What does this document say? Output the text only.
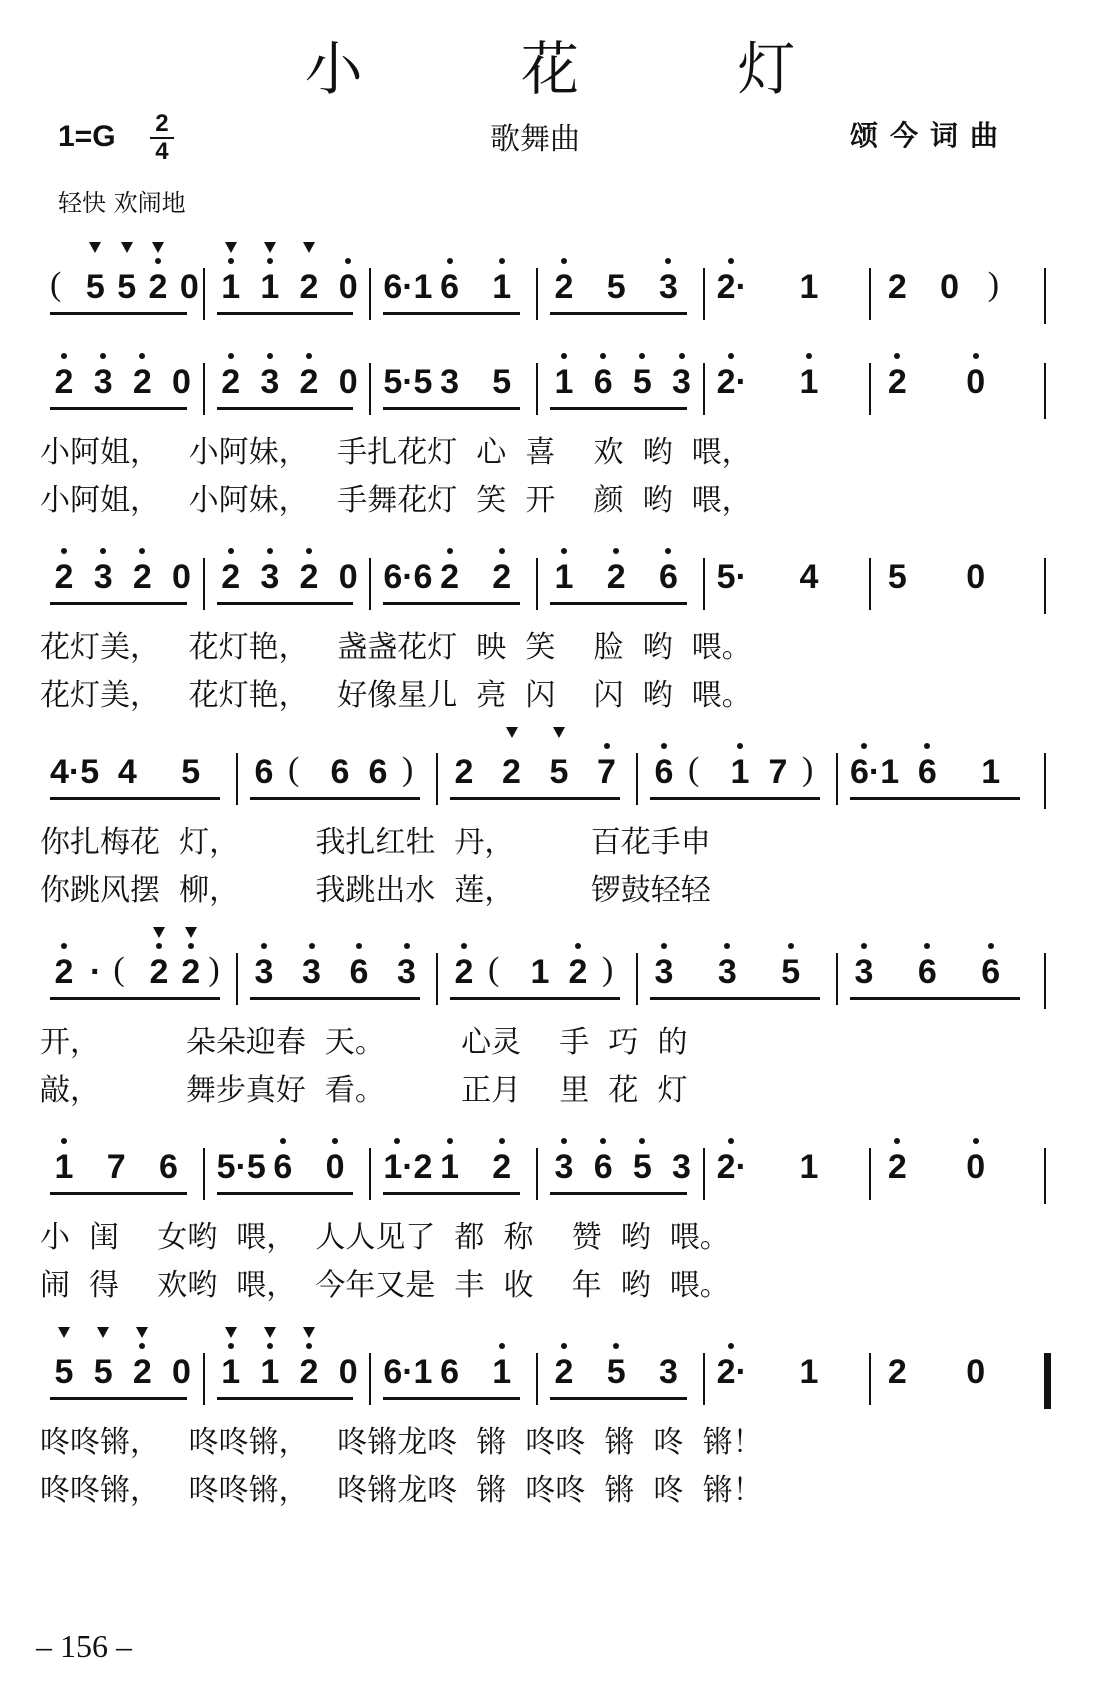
小 花 灯
$1=G \frac{2}{4}$	歌舞曲	颂今词曲
轻快 欢闹地
( 5 5 2 0 1 1 2 0 6·1 6 1 2 5 3 2· 1 2 0 )
2 3 2 0 2 3 2 0 5·5 3 5 1 6 5 3 2· 1 2 0
2 3 2 0 2 3 2 0 6·6 2 2 1 2 6 5· 4 5 0
4·5 4 5 6 ( 6 6 ) 2 2 5 7 6 ( 1 7 ) 6·1 6 1
2 · ( 2 2 ) 3 3 6 3 2 ( 1 2 ) 3 3 5 3 6 6
1 7 6 5·5 6 0 1·2 1 2 3 6 5 3 2· 1 2 0
5 5 2 0 1 1 2 0 6·1 6 1 2 5 3 2· 1 2 0
– 156 –
小阿姐，   小阿妹，   手扎花灯  心  喜    欢  哟  喂，
小阿姐，   小阿妹，   手舞花灯  笑  开    颜  哟  喂，
花灯美，   花灯艳，   盏盏花灯  映  笑    脸  哟  喂。
花灯美，   花灯艳，   好像星儿  亮  闪    闪  哟  喂。
你扎梅花  灯，        我扎红牡  丹，        百花手申
你跳风摆  柳，        我跳出水  莲，        锣鼓轻轻
开，         朵朵迎春  天。        心灵    手  巧  的
敲，         舞步真好  看。        正月    里  花  灯
小  闺    女哟  喂，  人人见了  都  称    赞  哟  喂。
闹  得    欢哟  喂，  今年又是  丰  收    年  哟  喂。
咚咚锵，   咚咚锵，   咚锵龙咚  锵  咚咚  锵  咚  锵！
咚咚锵，   咚咚锵，   咚锵龙咚  锵  咚咚  锵  咚  锵！
